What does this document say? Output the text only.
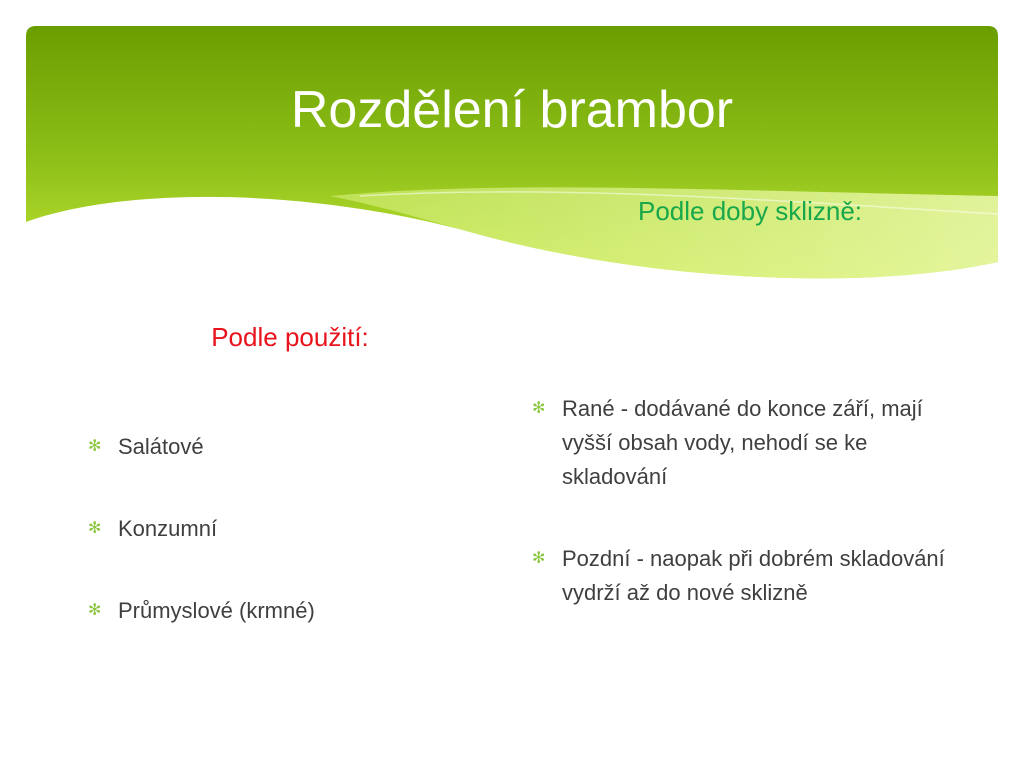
Rozdělení brambor
Podle doby sklizně:
Podle použití:
✻ Salátové
✻ Konzumní
✻ Průmyslové (krmné)
✻ Rané - dodávané do konce září, mají vyšší obsah vody, nehodí se ke skladování
✻ Pozdní - naopak při dobrém skladování vydrží až do nové sklizně
